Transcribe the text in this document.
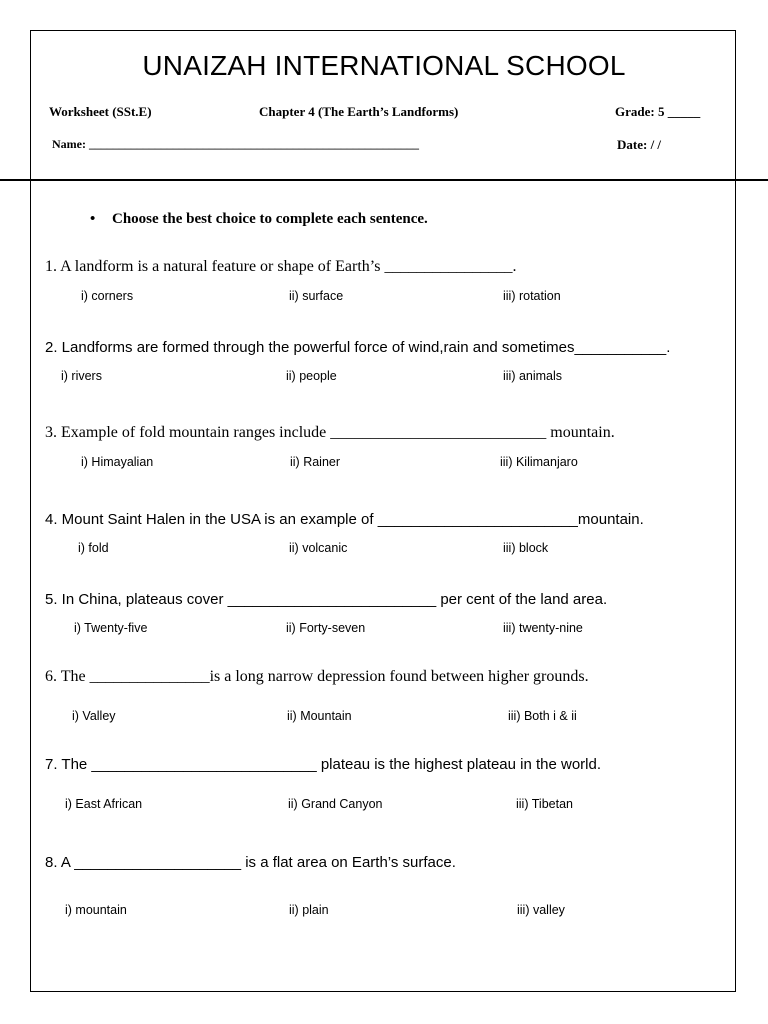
UNAIZAH INTERNATIONAL SCHOOL
Worksheet (SSt.E)	Chapter 4 (The Earth’s Landforms)	Grade: 5 _____
Name: _______________________________________________________	Date: / /
• Choose the best choice to complete each sentence.
1. A landform is a natural feature or shape of Earth’s ________________.
i) corners	ii) surface	iii) rotation
2. Landforms are formed through the powerful force of wind,rain and sometimes___________.
i) rivers	ii) people	iii) animals
3. Example of fold mountain ranges include ___________________________ mountain.
i) Himayalian	ii) Rainer	iii) Kilimanjaro
4. Mount Saint Halen in the USA is an example of ________________________mountain.
i) fold	ii) volcanic	iii) block
5. In China, plateaus cover _________________________ per cent of the land area.
i) Twenty-five	ii) Forty-seven	iii) twenty-nine
6. The _______________is a long narrow depression found between higher grounds.
i) Valley	ii) Mountain	iii) Both i & ii
7. The ___________________________ plateau is the highest plateau in the world.
i) East African	ii) Grand Canyon	iii) Tibetan
8. A ____________________ is a flat area on Earth’s surface.
i) mountain	ii) plain	iii) valley
